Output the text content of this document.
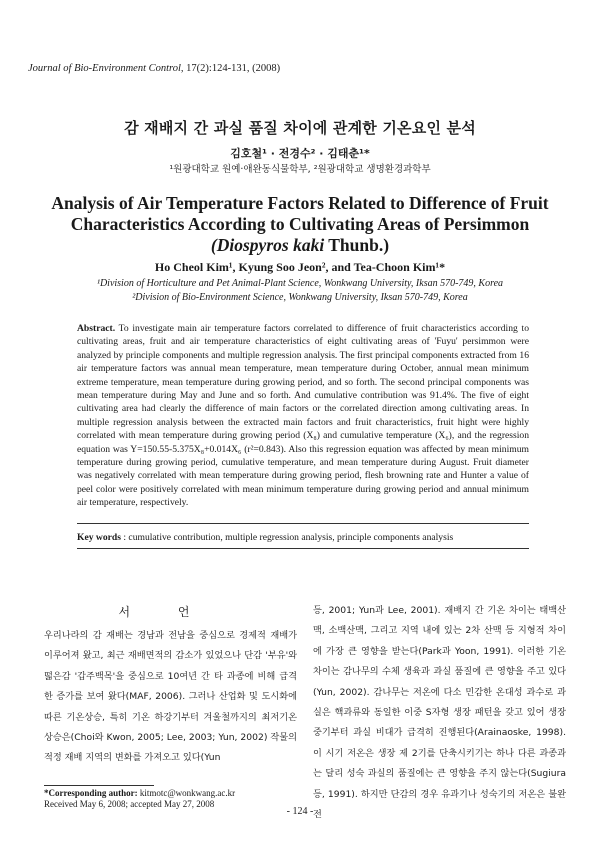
Journal of Bio-Environment Control, 17(2):124-131, (2008)
감 재배지 간 과실 품질 차이에 관계한 기온요인 분석
김호철¹ · 전경수² · 김태춘¹*
¹원광대학교 원예·애완동식물학부, ²원광대학교 생명환경과학부
Analysis of Air Temperature Factors Related to Difference of Fruit
Characteristics According to Cultivating Areas of Persimmon
(Diospyros kaki Thunb.)
Ho Cheol Kim¹, Kyung Soo Jeon², and Tea-Choon Kim¹*
¹Division of Horticulture and Pet Animal-Plant Science, Wonkwang University, Iksan 570-749, Korea
²Division of Bio-Environment Science, Wonkwang University, Iksan 570-749, Korea
Abstract. To investigate main air temperature factors correlated to difference of fruit characteristics according to cultivating areas, fruit and air temperature characteristics of eight cultivating areas of 'Fuyu' persimmon were analyzed by principle components and multiple regression analysis. The first principal components extracted from 16 air temperature factors was annual mean temperature, mean temperature during October, annual mean minimum extreme temperature, mean temperature during growing period, and so forth. The second principal components was mean temperature during May and June and so forth. And cumulative contribution was 91.4%. The five of eight cultivating area had clearly the difference of main factors or the correlated direction among cultivating areas. In multiple regression analysis between the extracted main factors and fruit characteristics, fruit hight were highly correlated with mean temperature during growing period (X₈) and cumulative temperature (X₆), and the regression equation was Y=150.55-5.375X₈+0.014X₆ (r²=0.843). Also this regression equation was affected by mean minimum temperature during growing period, cumulative temperature, and mean temperature during August. Fruit diameter was negatively correlated with mean temperature during growing period, flesh browning rate and Hunter a value of peel color were positively correlated with mean minimum temperature during growing period and annual minimum air temperature, respectively.
Key words : cumulative contribution, multiple regression analysis, principle components analysis
서 언
우리나라의 감 재배는 경남과 전남을 중심으로 경제적 재배가 이루어져 왔고, 최근 재배면적의 감소가 있었으나 단감 '부유'와 떫은감 '갑주백목'을 중심으로 10여년 간 타 과종에 비해 급격한 증가를 보여 왔다(MAF, 2006). 그러나 산업화 및 도시화에 따른 기온상승, 특히 기온 하강기부터 겨울철까지의 최저기온 상승은(Choi와 Kwon, 2005; Lee, 2003; Yun, 2002) 작물의 적정 재배 지역의 변화를 가져오고 있다(Yun
등, 2001; Yun과 Lee, 2001). 재배지 간 기온 차이는 태백산맥, 소백산맥, 그리고 지역 내에 있는 2차 산맥 등 지형적 차이에 가장 큰 영향을 받는다(Park과 Yoon, 1991). 이러한 기온 차이는 감나무의 수체 생육과 과실 품질에 큰 영향을 주고 있다(Yun, 2002). 감나무는 저온에 다소 민감한 온대성 과수로 과실은 핵과류와 동일한 이중 S자형 생장 패턴을 갖고 있어 생장 중기부터 과실 비대가 급격히 진행된다(Arainaoske, 1998). 이 시기 저온은 생장 제 2기를 단축시키기는 하나 다른 과종과는 달리 성숙 과실의 품질에는 큰 영향을 주지 않는다(Sugiura 등, 1991). 하지만 단감의 경우 유과기나 성숙기의 저온은 불완전
*Corresponding author: kitmotc@wonkwang.ac.kr
Received May 6, 2008; accepted May 27, 2008
- 124 -
